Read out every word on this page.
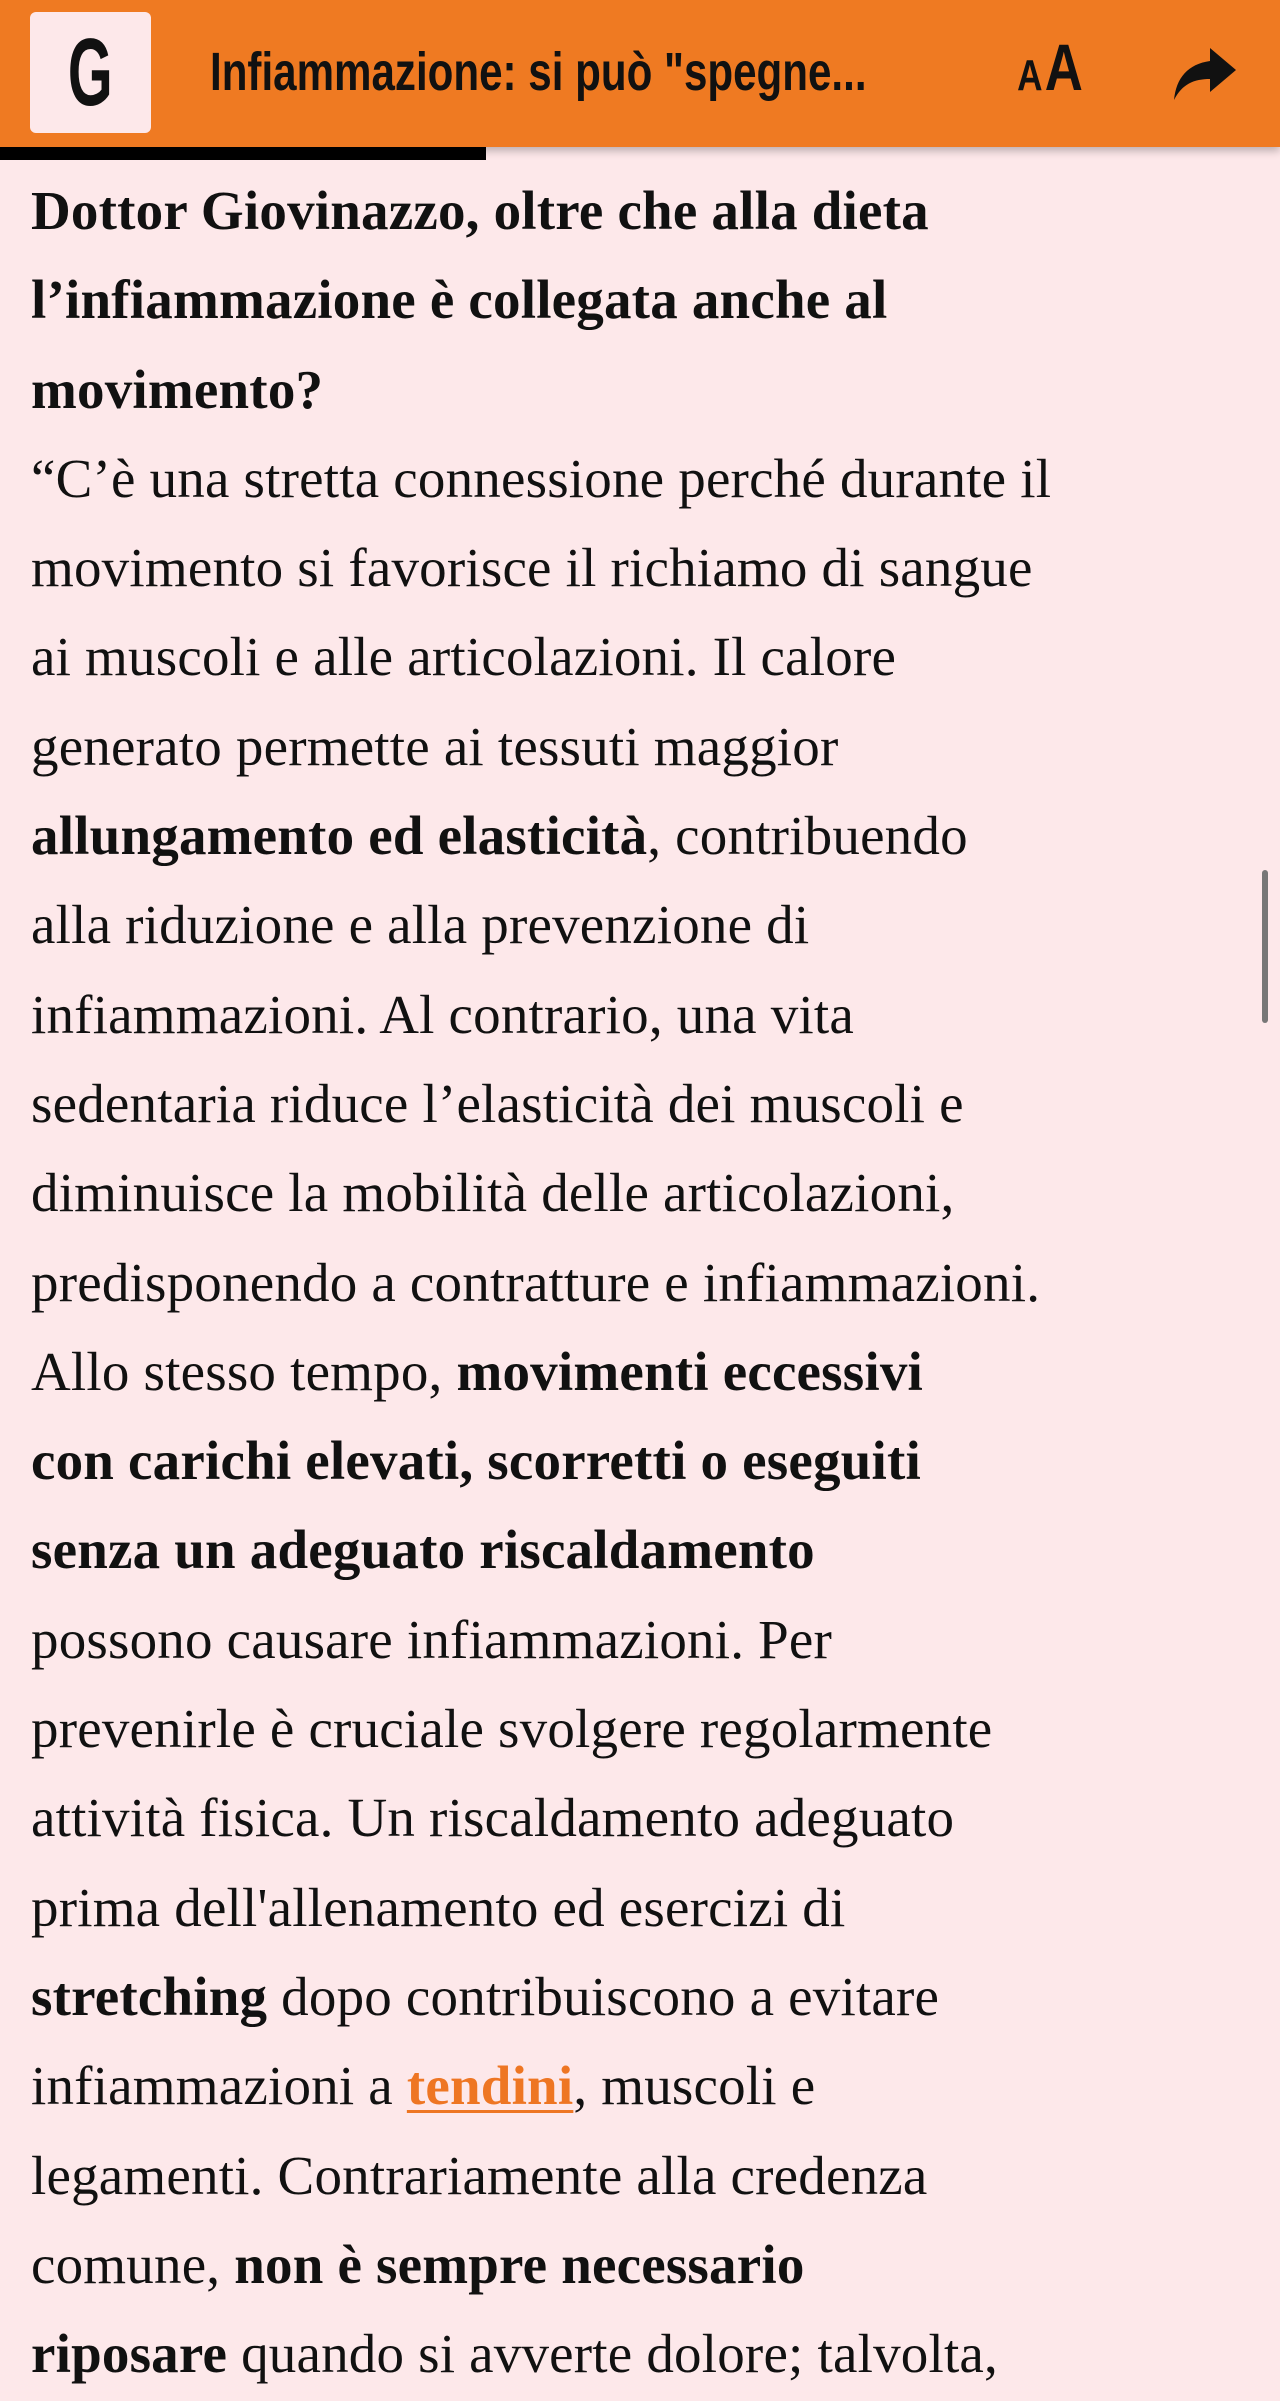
G Infiammazione: si può "spegne...	AA
Dottor Giovinazzo, oltre che alla dieta
l’infiammazione è collegata anche al
movimento?
“C’è una stretta connessione perché durante il
movimento si favorisce il richiamo di sangue
ai muscoli e alle articolazioni. Il calore
generato permette ai tessuti maggior
allungamento ed elasticità, contribuendo
alla riduzione e alla prevenzione di
infiammazioni. Al contrario, una vita
sedentaria riduce l’elasticità dei muscoli e
diminuisce la mobilità delle articolazioni,
predisponendo a contratture e infiammazioni.
Allo stesso tempo, movimenti eccessivi
con carichi elevati, scorretti o eseguiti
senza un adeguato riscaldamento
possono causare infiammazioni. Per
prevenirle è cruciale svolgere regolarmente
attività fisica. Un riscaldamento adeguato
prima dell'allenamento ed esercizi di
stretching dopo contribuiscono a evitare
infiammazioni a tendini, muscoli e
legamenti. Contrariamente alla credenza
comune, non è sempre necessario
riposare quando si avverte dolore; talvolta,
